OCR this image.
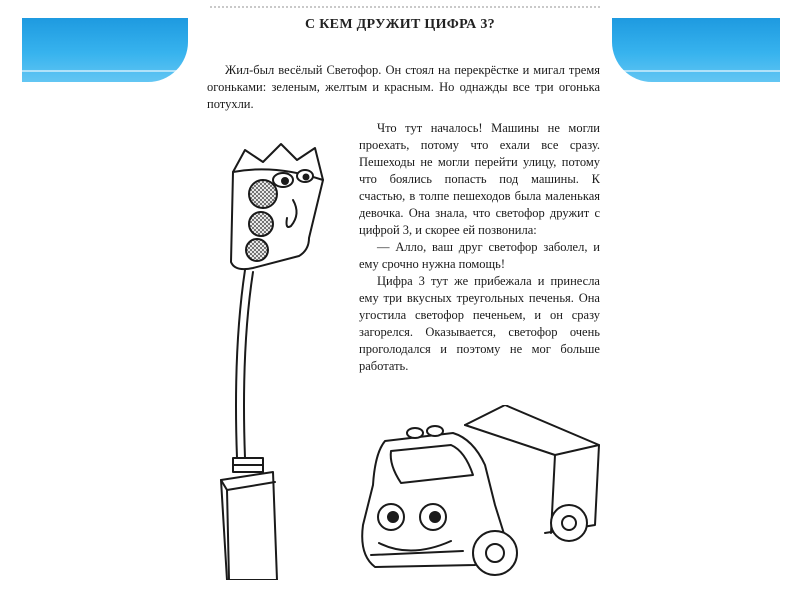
С КЕМ ДРУЖИТ ЦИФРА 3?

Жил-был весёлый Светофор. Он стоял на перекрёстке и мигал тремя огоньками: зеленым, желтым и красным. Но однажды все три огонька потухли.

Что тут началось! Машины не могли проехать, потому что ехали все сразу. Пешеходы не могли перейти улицу, потому что боялись попасть под машины. К счастью, в толпе пешеходов была маленькая девочка. Она знала, что светофор дружит с цифрой 3, и скорее ей позвонила:

— Алло, ваш друг светофор заболел, и ему срочно нужна помощь!

Цифра 3 тут же прибежала и принесла ему три вкусных треугольных печенья. Она угостила светофор печеньем, и он сразу загорелся. Оказывается, светофор очень проголодался и поэтому не мог больше работать.
